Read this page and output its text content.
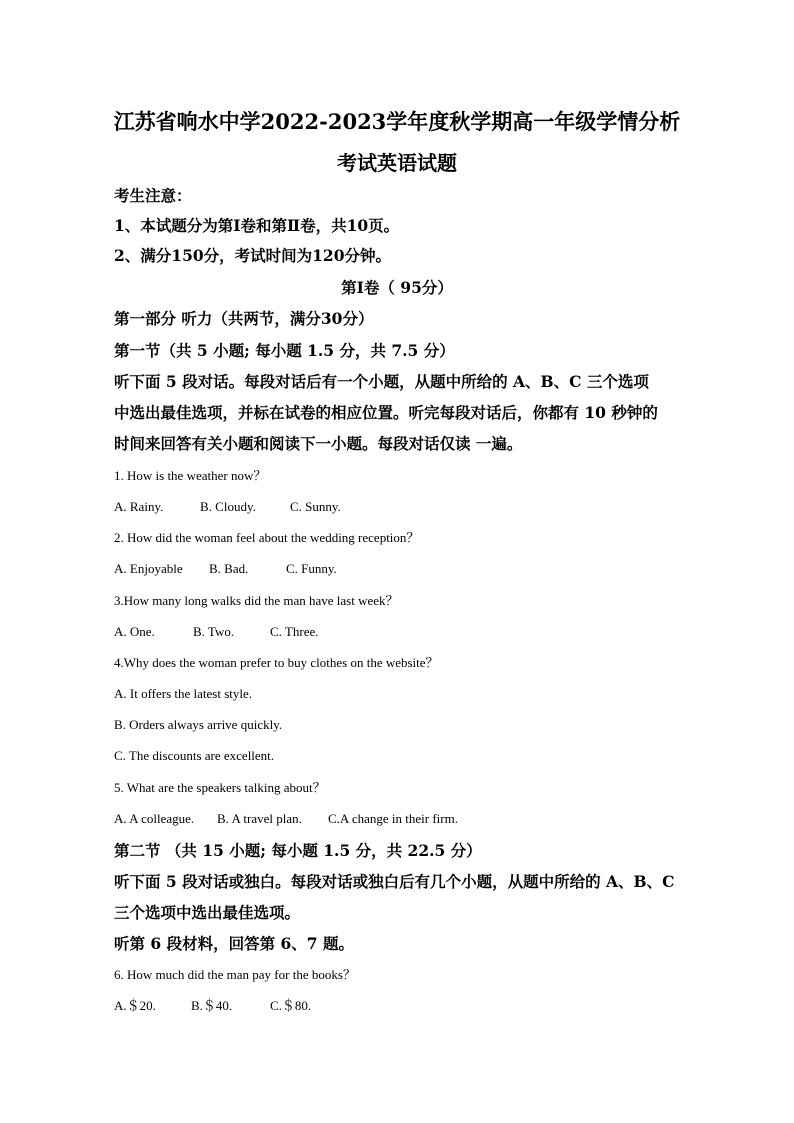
江苏省响水中学2022-2023学年度秋学期高一年级学情分析
考试英语试题
考生注意：
1、本试题分为第Ⅰ卷和第Ⅱ卷，共10页。
2、满分150分，考试时间为120分钟。
第Ⅰ卷（ 95分）
第一部分 听力（共两节，满分30分）
第一节（共 5 小题; 每小题 1.5 分，共 7.5 分）
听下面 5 段对话。每段对话后有一个小题，从题中所给的 A、B、C 三个选项
中选出最佳选项，并标在试卷的相应位置。听完每段对话后，你都有 10 秒钟的
时间来回答有关小题和阅读下一小题。每段对话仅读 一遍。
1. How is the weather now？
A. Rainy.	B. Cloudy.	C. Sunny.
2. How did the woman feel about the wedding reception？
A. Enjoyable B. Bad.	C. Funny.
3.How many long walks did the man have last week？
A. One.	B. Two.	C. Three.
4.Why does the woman prefer to buy clothes on the website？
A. It offers the latest style.
B. Orders always arrive quickly.
C. The discounts are excellent.
5. What are the speakers talking about？
A. A colleague. B. A travel plan. C.A change in their firm.
第二节 （共 15 小题; 每小题 1.5 分，共 22.5 分）
听下面 5 段对话或独白。每段对话或独白后有几个小题，从题中所给的 A、B、C
三个选项中选出最佳选项。
听第 6 段材料，回答第 6、7 题。
6. How much did the man pay for the books？
A.＄20.	B.＄40.	C.＄80.
